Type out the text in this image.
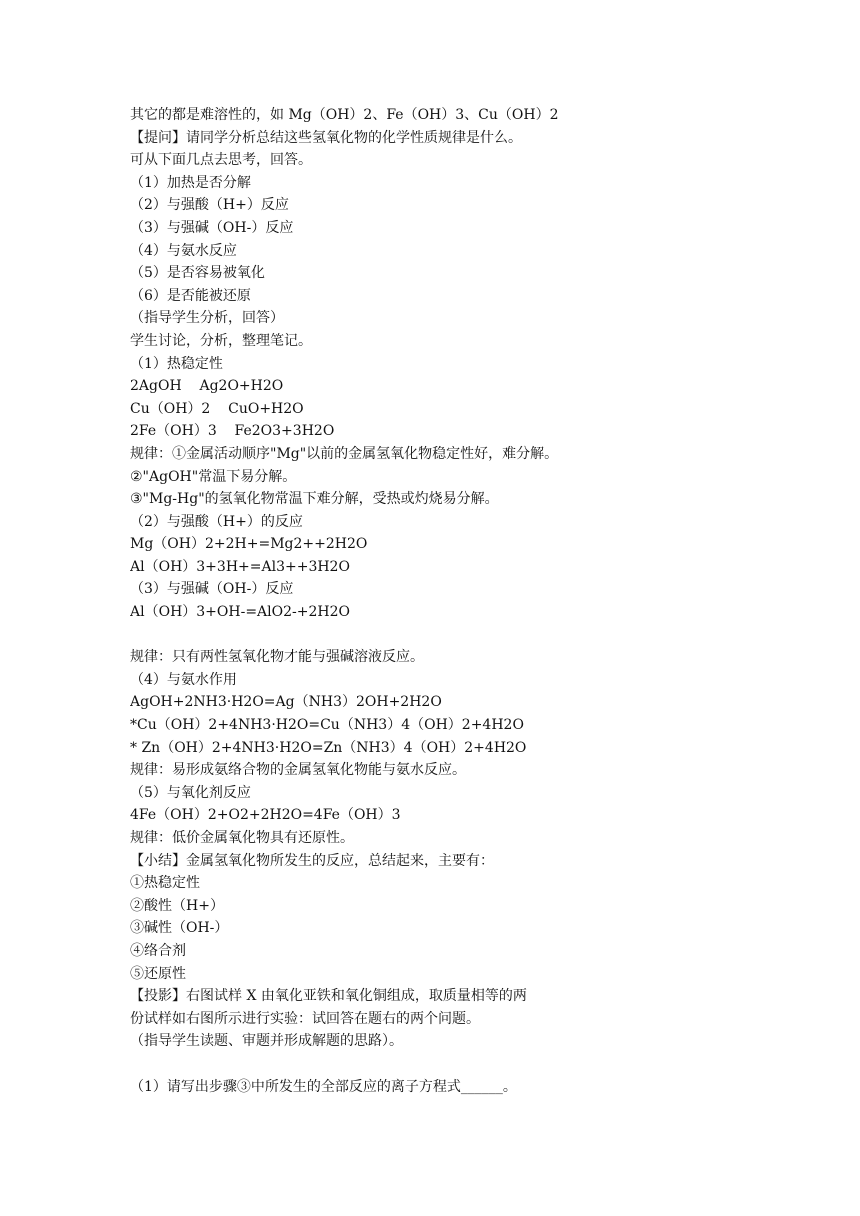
其它的都是难溶性的，如 Mg（OH）2、Fe（OH）3、Cu（OH）2
【提问】请同学分析总结这些氢氧化物的化学性质规律是什么。
可从下面几点去思考，回答。
（1）加热是否分解
（2）与强酸（H+）反应
（3）与强碱（OH-）反应
（4）与氨水反应
（5）是否容易被氧化
（6）是否能被还原
（指导学生分析，回答）
学生讨论，分析，整理笔记。
（1）热稳定性
2AgOH    Ag2O+H2O
Cu（OH）2    CuO+H2O
2Fe（OH）3    Fe2O3+3H2O
规律：①金属活动顺序"Mg"以前的金属氢氧化物稳定性好，难分解。
②"AgOH"常温下易分解。
③"Mg-Hg"的氢氧化物常温下难分解，受热或灼烧易分解。
（2）与强酸（H+）的反应
Mg（OH）2+2H+=Mg2++2H2O
Al（OH）3+3H+=Al3++3H2O
（3）与强碱（OH-）反应
Al（OH）3+OH-=AlO2-+2H2O
规律：只有两性氢氧化物才能与强碱溶液反应。
（4）与氨水作用
AgOH+2NH3·H2O=Ag（NH3）2OH+2H2O
*Cu（OH）2+4NH3·H2O=Cu（NH3）4（OH）2+4H2O
* Zn（OH）2+4NH3·H2O=Zn（NH3）4（OH）2+4H2O
规律：易形成氨络合物的金属氢氧化物能与氨水反应。
（5）与氧化剂反应
4Fe（OH）2+O2+2H2O=4Fe（OH）3
规律：低价金属氧化物具有还原性。
【小结】金属氢氧化物所发生的反应，总结起来，主要有：
①热稳定性
②酸性（H+）
③碱性（OH-）
④络合剂
⑤还原性
【投影】右图试样 X 由氧化亚铁和氧化铜组成，取质量相等的两
份试样如右图所示进行实验：试回答在题右的两个问题。
（指导学生读题、审题并形成解题的思路）。
（1）请写出步骤③中所发生的全部反应的离子方程式______。
